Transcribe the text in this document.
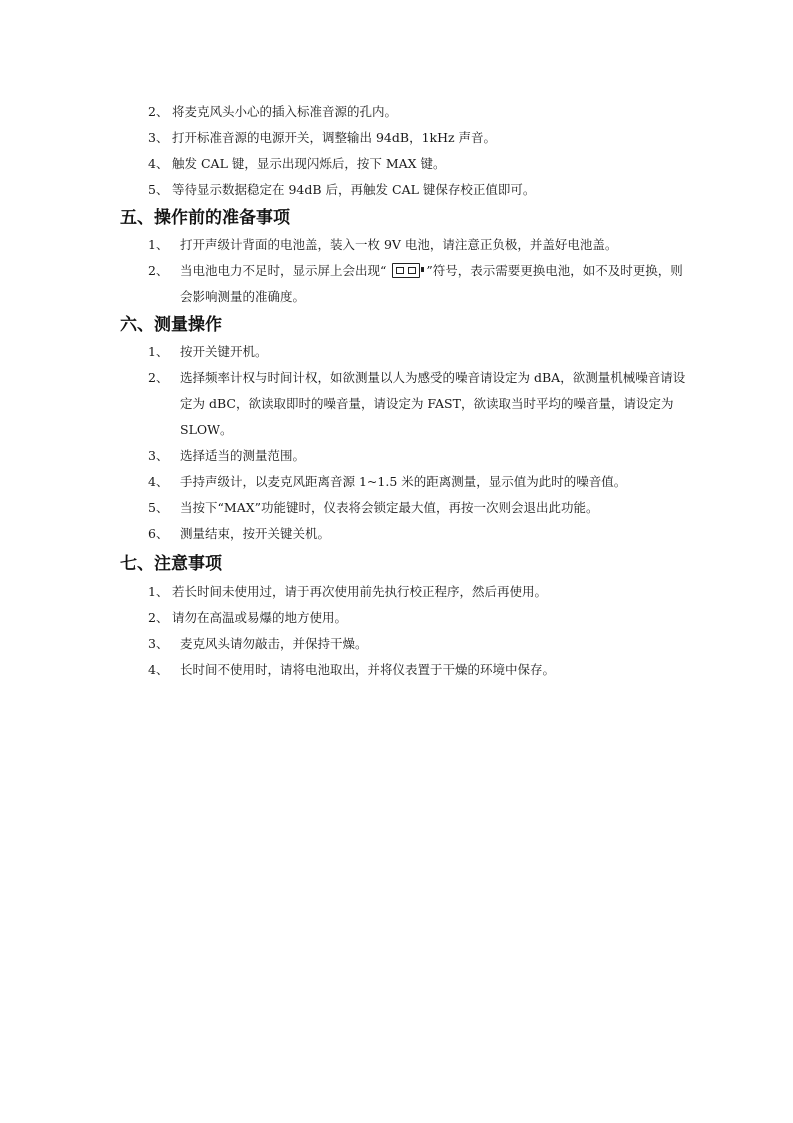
2、 将麦克风头小心的插入标准音源的孔内。
3、 打开标准音源的电源开关，调整输出 94dB，1kHz 声音。
4、 触发 CAL 键，显示出现闪烁后，按下 MAX 键。
5、 等待显示数据稳定在 94dB 后，再触发 CAL 键保存校正值即可。
五、操作前的准备事项
1、 打开声级计背面的电池盖，装入一枚 9V 电池，请注意正负极，并盖好电池盖。
2、 当电池电力不足时，显示屏上会出现“	”符号，表示需要更换电池，如不及时更换，则会影响测量的准确度。
六、测量操作
1、 按开关键开机。
2、 选择频率计权与时间计权，如欲测量以人为感受的噪音请设定为 dBA，欲测量机械噪音请设定为 dBC，欲读取即时的噪音量，请设定为 FAST，欲读取当时平均的噪音量，请设定为 SLOW。
3、 选择适当的测量范围。
4、 手持声级计，以麦克风距离音源 1~1.5 米的距离测量，显示值为此时的噪音值。
5、 当按下“MAX”功能键时，仪表将会锁定最大值，再按一次则会退出此功能。
6、 测量结束，按开关键关机。
七、注意事项
1、 若长时间未使用过，请于再次使用前先执行校正程序，然后再使用。
2、 请勿在高温或易爆的地方使用。
3、 麦克风头请勿敲击，并保持干燥。
4、 长时间不使用时，请将电池取出，并将仪表置于干燥的环境中保存。
